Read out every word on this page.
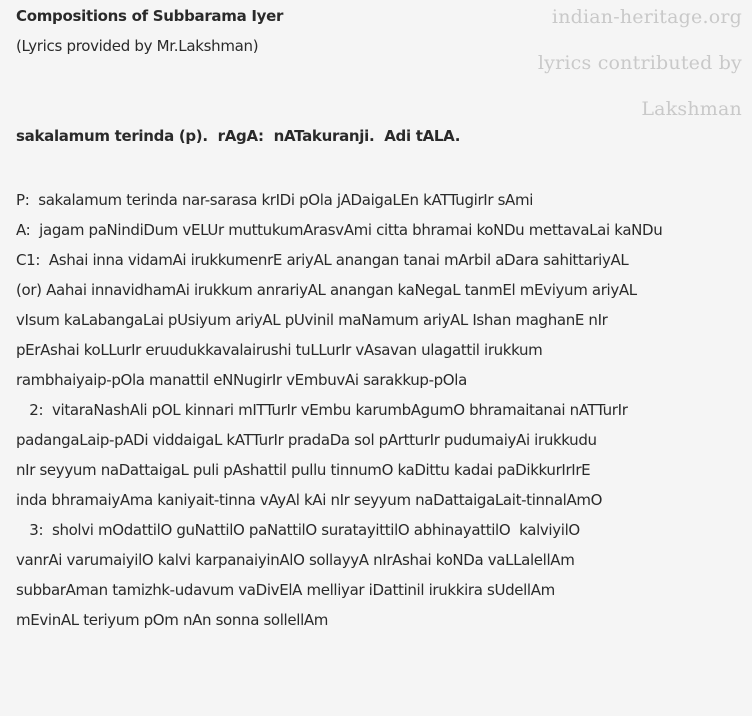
Compositions of Subbarama Iyer
(Lyrics provided by Mr.Lakshman)
indian-heritage.org
lyrics contributed by
Lakshman
sakalamum terinda (p).  rAgA:  nATakuranji.  Adi tALA.
P:  sakalamum terinda nar-sarasa krIDi pOla jADaigaLEn kATTugirIr sAmi
A:  jagam paNindiDum vELUr muttukumArasvAmi citta bhramai koNDu mettavaLai kaNDu
C1:  Ashai inna vidamAi irukkumenrE ariyAL anangan tanai mArbil aDara sahittariyAL
(or) Aahai innavidhamAi irukkum anrariyAL anangan kaNegaL tanmEl mEviyum ariyAL
vIsum kaLabangaLai pUsiyum ariyAL pUvinil maNamum ariyAL Ishan maghanE nIr
pErAshai koLLurIr eruudukkavalairushi tuLLurIr vAsavan ulagattil irukkum
rambhaiyaip-pOla manattil eNNugirIr vEmbuvAi sarakkup-pOla
2:  vitaraNashAli pOL kinnari mITTurIr vEmbu karumbAgumO bhramaitanai nATTurIr
padangaLaip-pADi viddaigaL kATTurIr pradaDa sol pArtturIr pudumaiyAi irukkudu
nIr seyyum naDattaigaL puli pAshattil pullu tinnumO kaDittu kadai paDikkurIrIrE
inda bhramaiyAma kaniyait-tinna vAyAl kAi nIr seyyum naDattaigaLait-tinnalAmO
3:  sholvi mOdattilO guNattilO paNattilO suratayittilO abhinayattilO  kalviyilO
vanrAi varumaiyilO kalvi karpanaiyinAlO sollayyA nIrAshai koNDa vaLLalellAm
subbarAman tamizhk-udavum vaDivElA melliyar iDattinil irukkira sUdellAm
mEvinAL teriyum pOm nAn sonna sollellAm
